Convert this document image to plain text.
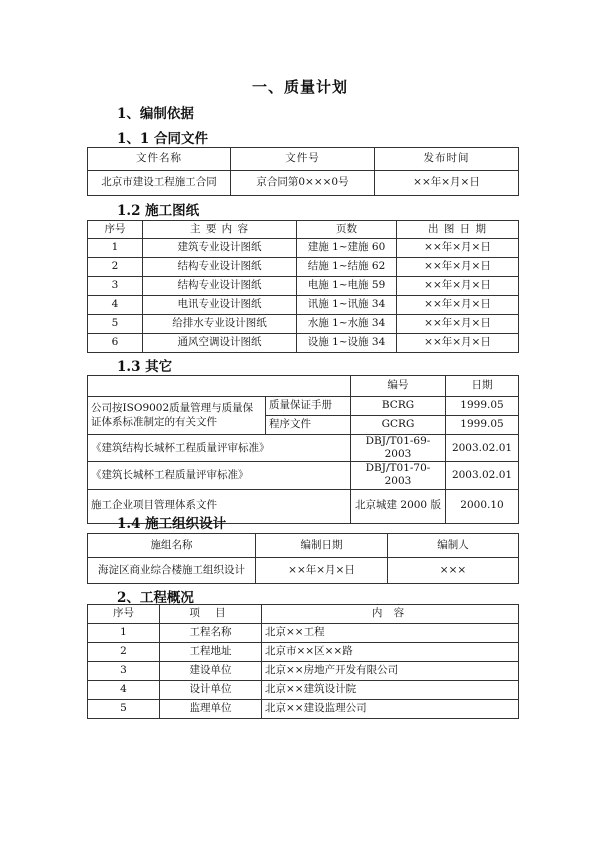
一、质量计划
1、编制依据
1、1 合同文件
文件名称	文件号	发布时间
北京市建设工程施工合同	京合同第0×××0号	××年×月×日
1.2 施工图纸
序号	主 要 内 容	页数	出 图 日 期
1	建筑专业设计图纸	建施 1~建施 60	××年×月×日
2	结构专业设计图纸	结施 1~结施 62	××年×月×日
3	结构专业设计图纸	电施 1~电施 59	××年×月×日
4	电讯专业设计图纸	讯施 1~讯施 34	××年×月×日
5	给排水专业设计图纸	水施 1~水施 34	××年×月×日
6	通风空调设计图纸	设施 1~设施 34	××年×月×日
1.3 其它
		编号	日期
公司按ISO9002质量管理与质量保证体系标准制定的有关文件	质量保证手册	BCRG	1999.05
	程序文件	GCRG	1999.05
《建筑结构长城杯工程质量评审标准》		DBJ/T01-69-2003	2003.02.01
《建筑长城杯工程质量评审标准》		DBJ/T01-70-2003	2003.02.01
施工企业项目管理体系文件		北京城建 2000 版	2000.10
1.4 施工组织设计
施组名称	编制日期	编制人
海淀区商业综合楼施工组织设计	××年×月×日	×××
2、工程概况
序号	项 目	内 容
1	工程名称	北京××工程
2	工程地址	北京市××区××路
3	建设单位	北京××房地产开发有限公司
4	设计单位	北京××建筑设计院
5	监理单位	北京××建设监理公司
